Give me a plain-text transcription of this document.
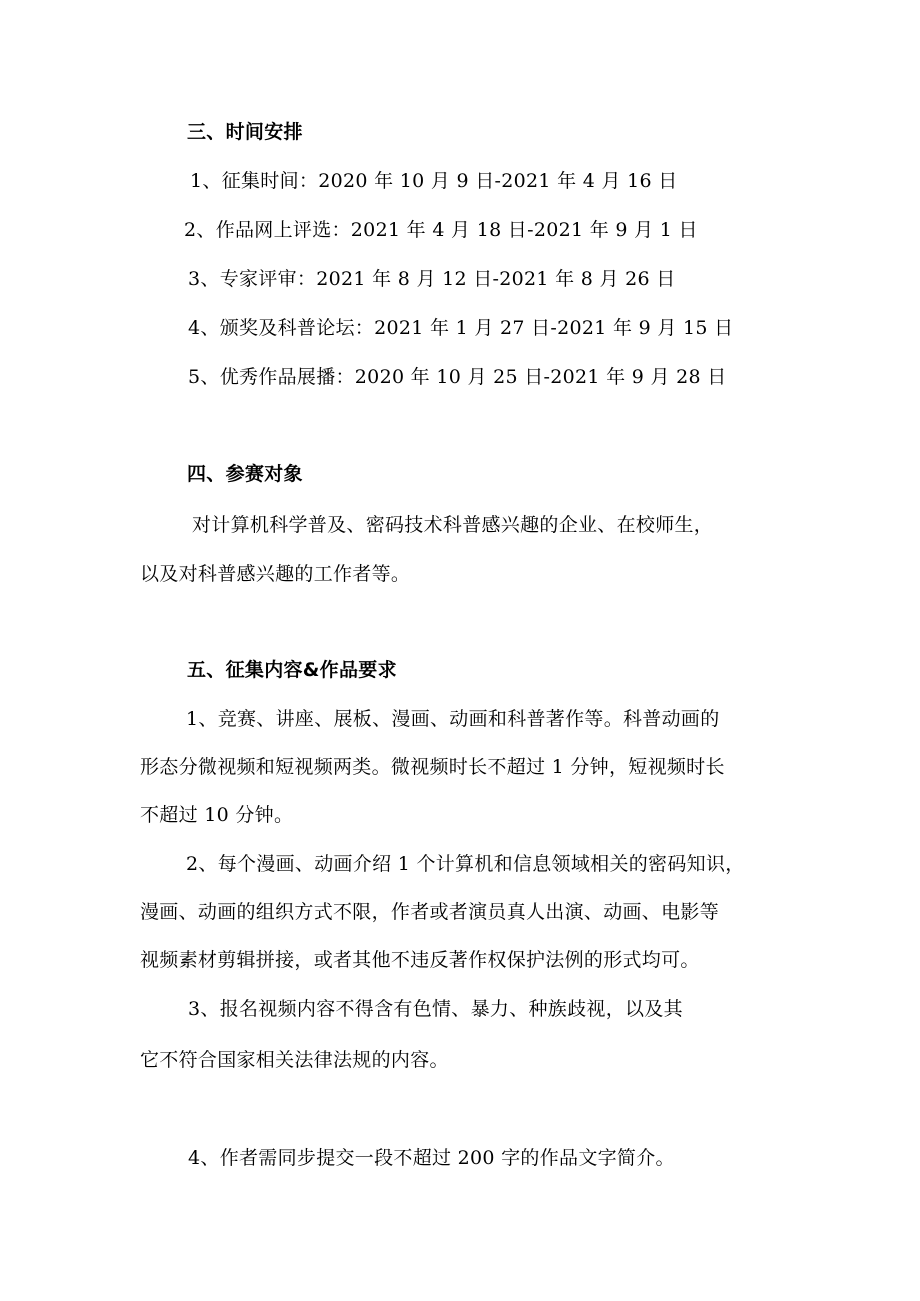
三、时间安排
1、征集时间：2020 年 10 月 9 日-2021 年 4 月 16 日
2、作品网上评选：2021 年 4 月 18 日-2021 年 9 月 1 日
3、专家评审：2021 年 8 月 12 日-2021 年 8 月 26 日
4、颁奖及科普论坛：2021 年 1 月 27 日-2021 年 9 月 15 日
5、优秀作品展播：2020 年 10 月 25 日-2021 年 9 月 28 日
四、参赛对象
对计算机科学普及、密码技术科普感兴趣的企业、在校师生，
以及对科普感兴趣的工作者等。
五、征集内容&作品要求
1、竞赛、讲座、展板、漫画、动画和科普著作等。科普动画的
形态分微视频和短视频两类。微视频时长不超过 1 分钟，短视频时长
不超过 10 分钟。
2、每个漫画、动画介绍 1 个计算机和信息领域相关的密码知识，
漫画、动画的组织方式不限，作者或者演员真人出演、动画、电影等
视频素材剪辑拼接，或者其他不违反著作权保护法例的形式均可。
3、报名视频内容不得含有色情、暴力、种族歧视，以及其
它不符合国家相关法律法规的内容。
4、作者需同步提交一段不超过 200 字的作品文字简介。
